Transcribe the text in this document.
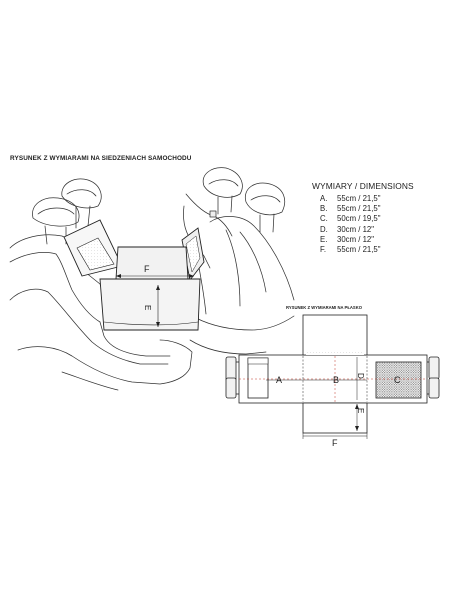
RYSUNEK Z WYMIARAMI NA SIEDZENIACH SAMOCHODU
WYMIARY / DIMENSIONS
A.	55cm / 21,5"
B.	55cm / 21,5"
C.	50cm / 19,5"
D.	30cm / 12"
E.	30cm / 12"
F.	55cm / 21,5"
RYSUNEK Z WYMIARAMI NA PŁASKO
F
E
A	B	C
D
E
F
